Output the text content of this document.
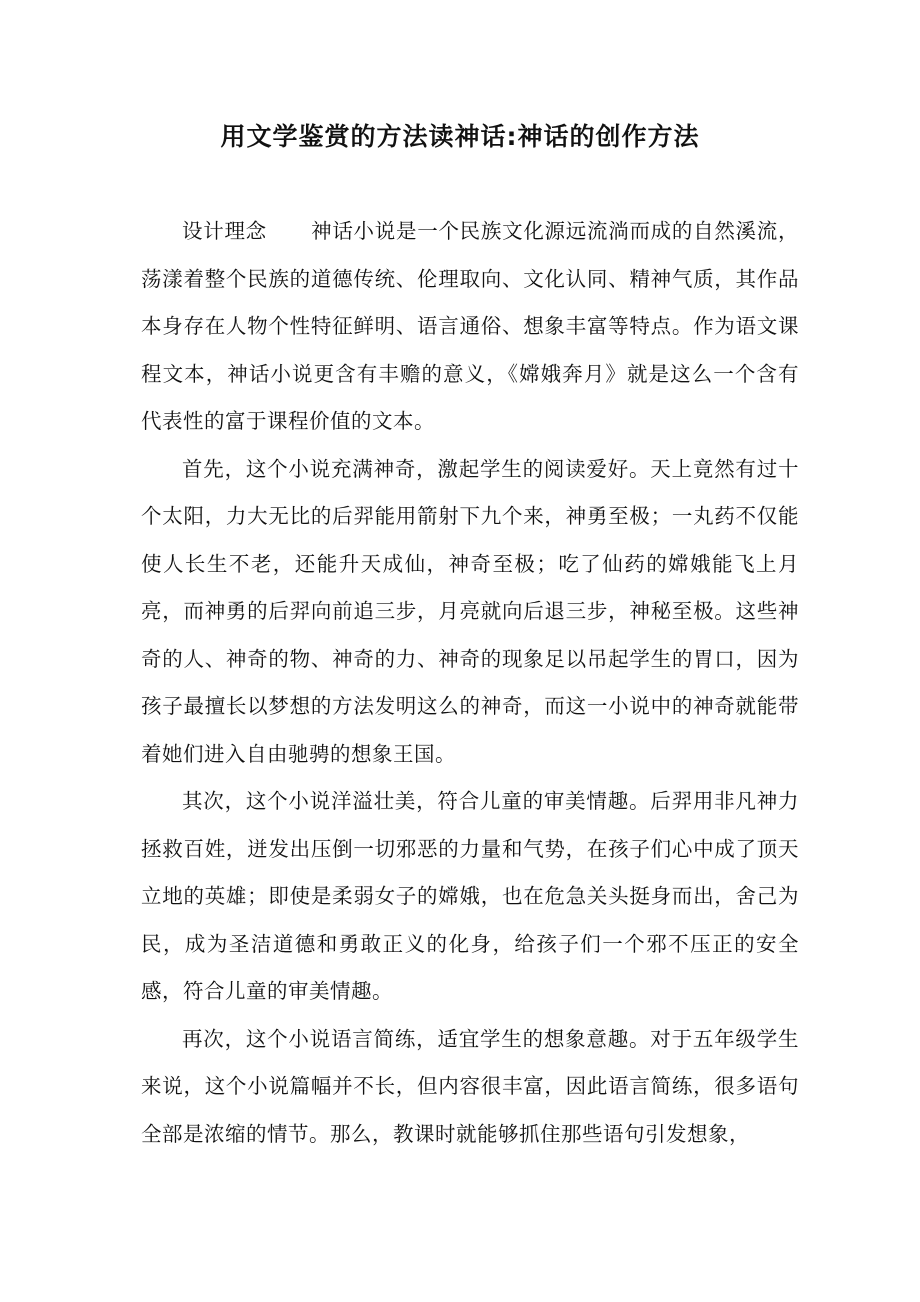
用文学鉴赏的方法读神话:神话的创作方法

设计理念 神话小说是一个民族文化源远流淌而成的自然溪流，荡漾着整个民族的道德传统、伦理取向、文化认同、精神气质，其作品本身存在人物个性特征鲜明、语言通俗、想象丰富等特点。作为语文课程文本，神话小说更含有丰赡的意义，《嫦娥奔月》就是这么一个含有代表性的富于课程价值的文本。

首先，这个小说充满神奇，激起学生的阅读爱好。天上竟然有过十个太阳，力大无比的后羿能用箭射下九个来，神勇至极；一丸药不仅能使人长生不老，还能升天成仙，神奇至极；吃了仙药的嫦娥能飞上月亮，而神勇的后羿向前追三步，月亮就向后退三步，神秘至极。这些神奇的人、神奇的物、神奇的力、神奇的现象足以吊起学生的胃口，因为孩子最擅长以梦想的方法发明这么的神奇，而这一小说中的神奇就能带着她们进入自由驰骋的想象王国。

其次，这个小说洋溢壮美，符合儿童的审美情趣。后羿用非凡神力拯救百姓，迸发出压倒一切邪恶的力量和气势，在孩子们心中成了顶天立地的英雄；即使是柔弱女子的嫦娥，也在危急关头挺身而出，舍己为民，成为圣洁道德和勇敢正义的化身，给孩子们一个邪不压正的安全感，符合儿童的审美情趣。

再次，这个小说语言简练，适宜学生的想象意趣。对于五年级学生来说，这个小说篇幅并不长，但内容很丰富，因此语言简练，很多语句全部是浓缩的情节。那么，教课时就能够抓住那些语句引发想象，
